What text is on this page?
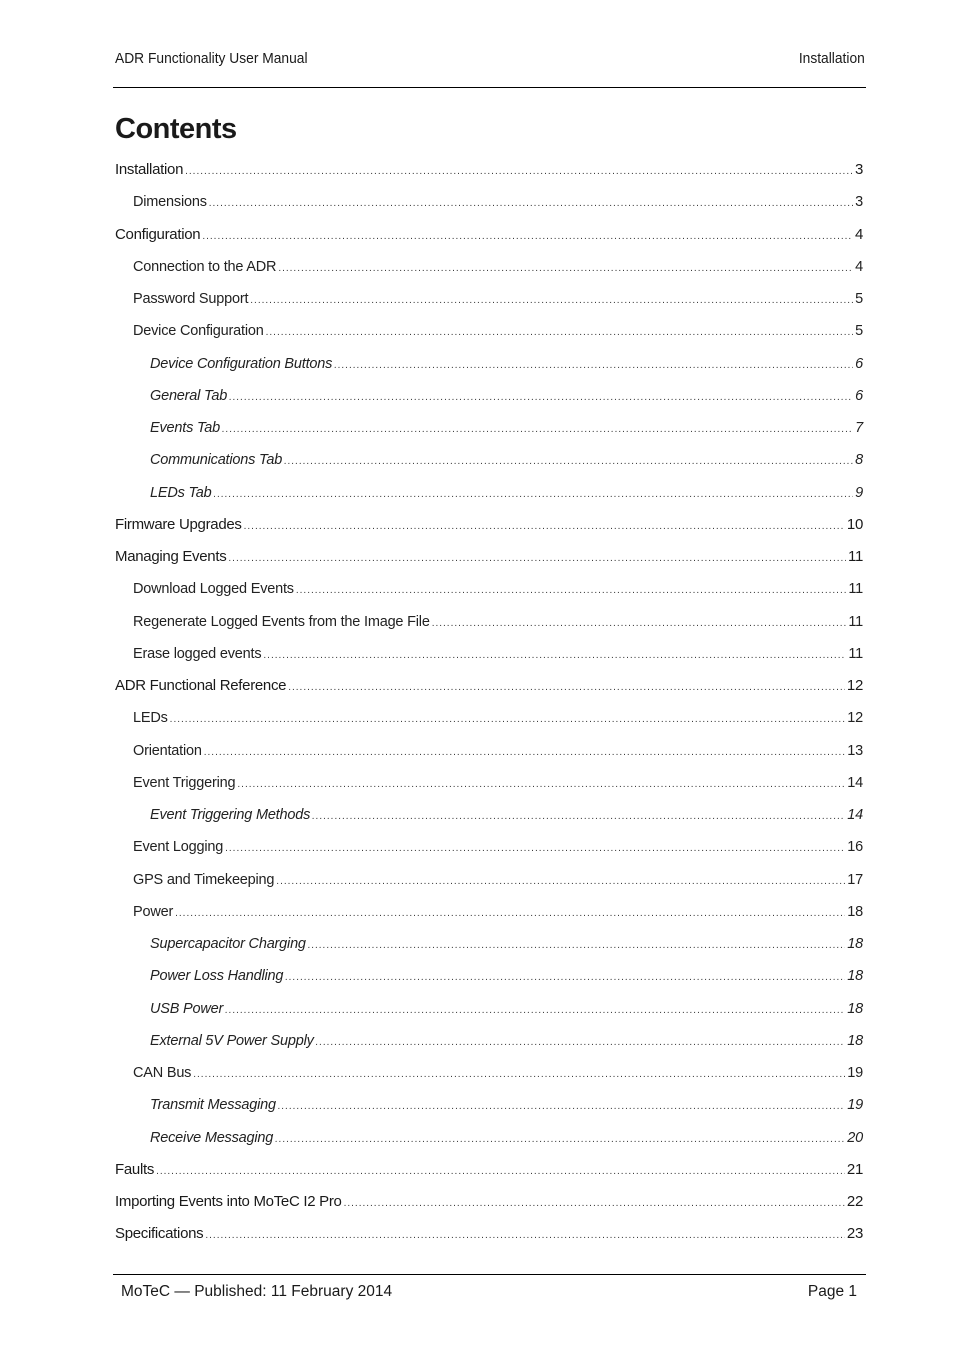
ADR Functionality User Manual	Installation
Contents
Installation .....	3
Dimensions .....	3
Configuration .....	4
Connection to the ADR .....	4
Password Support .....	5
Device Configuration .....	5
Device Configuration Buttons .....	6
General Tab .....	6
Events Tab .....	7
Communications Tab .....	8
LEDs Tab .....	9
Firmware Upgrades .....	10
Managing Events .....	11
Download Logged Events .....	11
Regenerate Logged Events from the Image File .....	11
Erase logged events .....	11
ADR Functional Reference .....	12
LEDs .....	12
Orientation .....	13
Event Triggering .....	14
Event Triggering Methods .....	14
Event Logging .....	16
GPS and Timekeeping .....	17
Power .....	18
Supercapacitor Charging .....	18
Power Loss Handling .....	18
USB Power .....	18
External 5V Power Supply .....	18
CAN Bus .....	19
Transmit Messaging .....	19
Receive Messaging .....	20
Faults .....	21
Importing Events into MoTeC I2 Pro .....	22
Specifications .....	23
MoTeC — Published: 11 February 2014	Page 1
